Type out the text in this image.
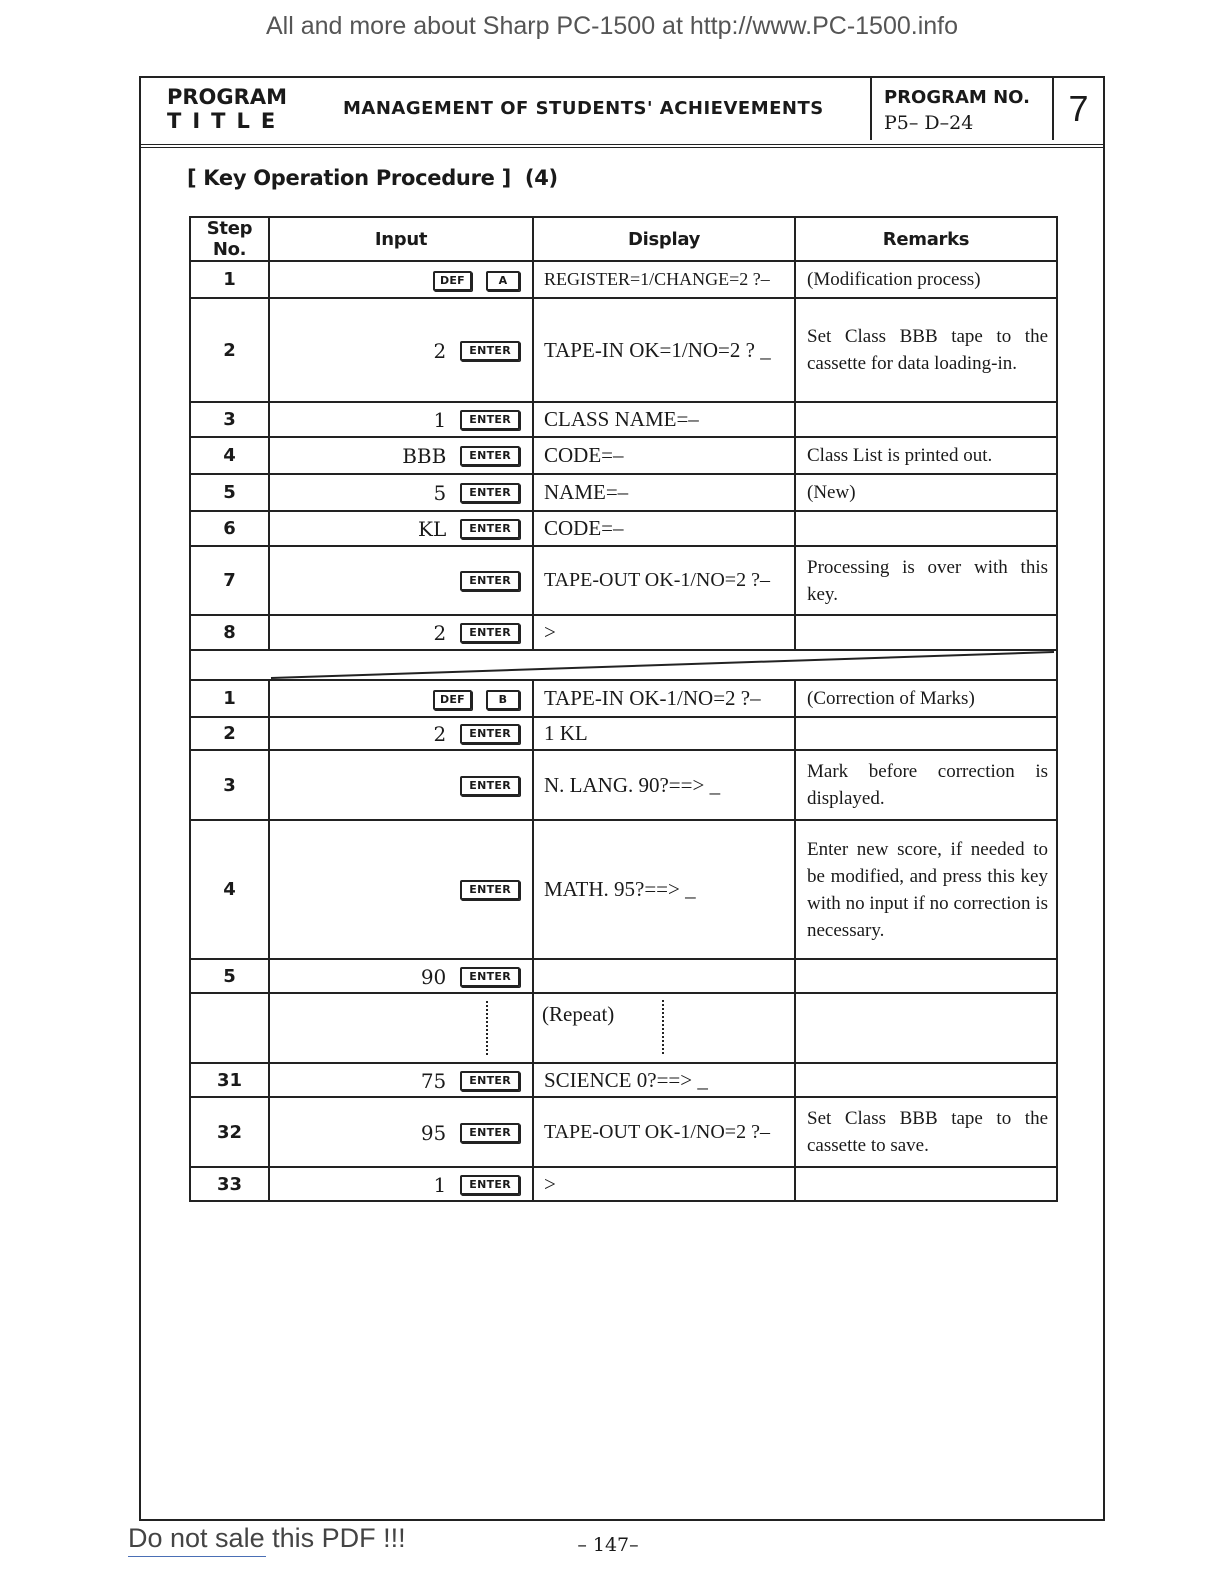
All and more about Sharp PC-1500 at http://www.PC-1500.info
PROGRAM
TITLE
MANAGEMENT OF STUDENTS' ACHIEVEMENTS
PROGRAM NO.
P5– D–24	7
[ Key Operation Procedure ] (4)
Step No.	Input	Display	Remarks
1	DEF A	REGISTER=1/CHANGE=2 ?–	(Modification process)
2	2 ENTER	TAPE-IN OK=1/NO=2 ? _	Set Class BBB tape to the cassette for data loading-in.
3	1 ENTER	CLASS NAME=–	
4	BBB ENTER	CODE=–	Class List is printed out.
5	5 ENTER	NAME=–	(New)
6	KL ENTER	CODE=–	
7	ENTER	TAPE-OUT OK-1/NO=2 ?–	Processing is over with this key.
8	2 ENTER	>	

1	DEF B	TAPE-IN OK-1/NO=2 ?–	(Correction of Marks)
2	2 ENTER	1 KL	
3	ENTER	N. LANG. 90?==> _	Mark before correction is displayed.
4	ENTER	MATH. 95?==> _	Enter new score, if needed to be modified, and press this key with no input if no correction is necessary.
5	90 ENTER		

		(Repeat)	

31	75 ENTER	SCIENCE 0?==> _	
32	95 ENTER	TAPE-OUT OK-1/NO=2 ?–	Set Class BBB tape to the cassette to save.
33	1 ENTER	>	
Do not sale this PDF !!!	– 147–
